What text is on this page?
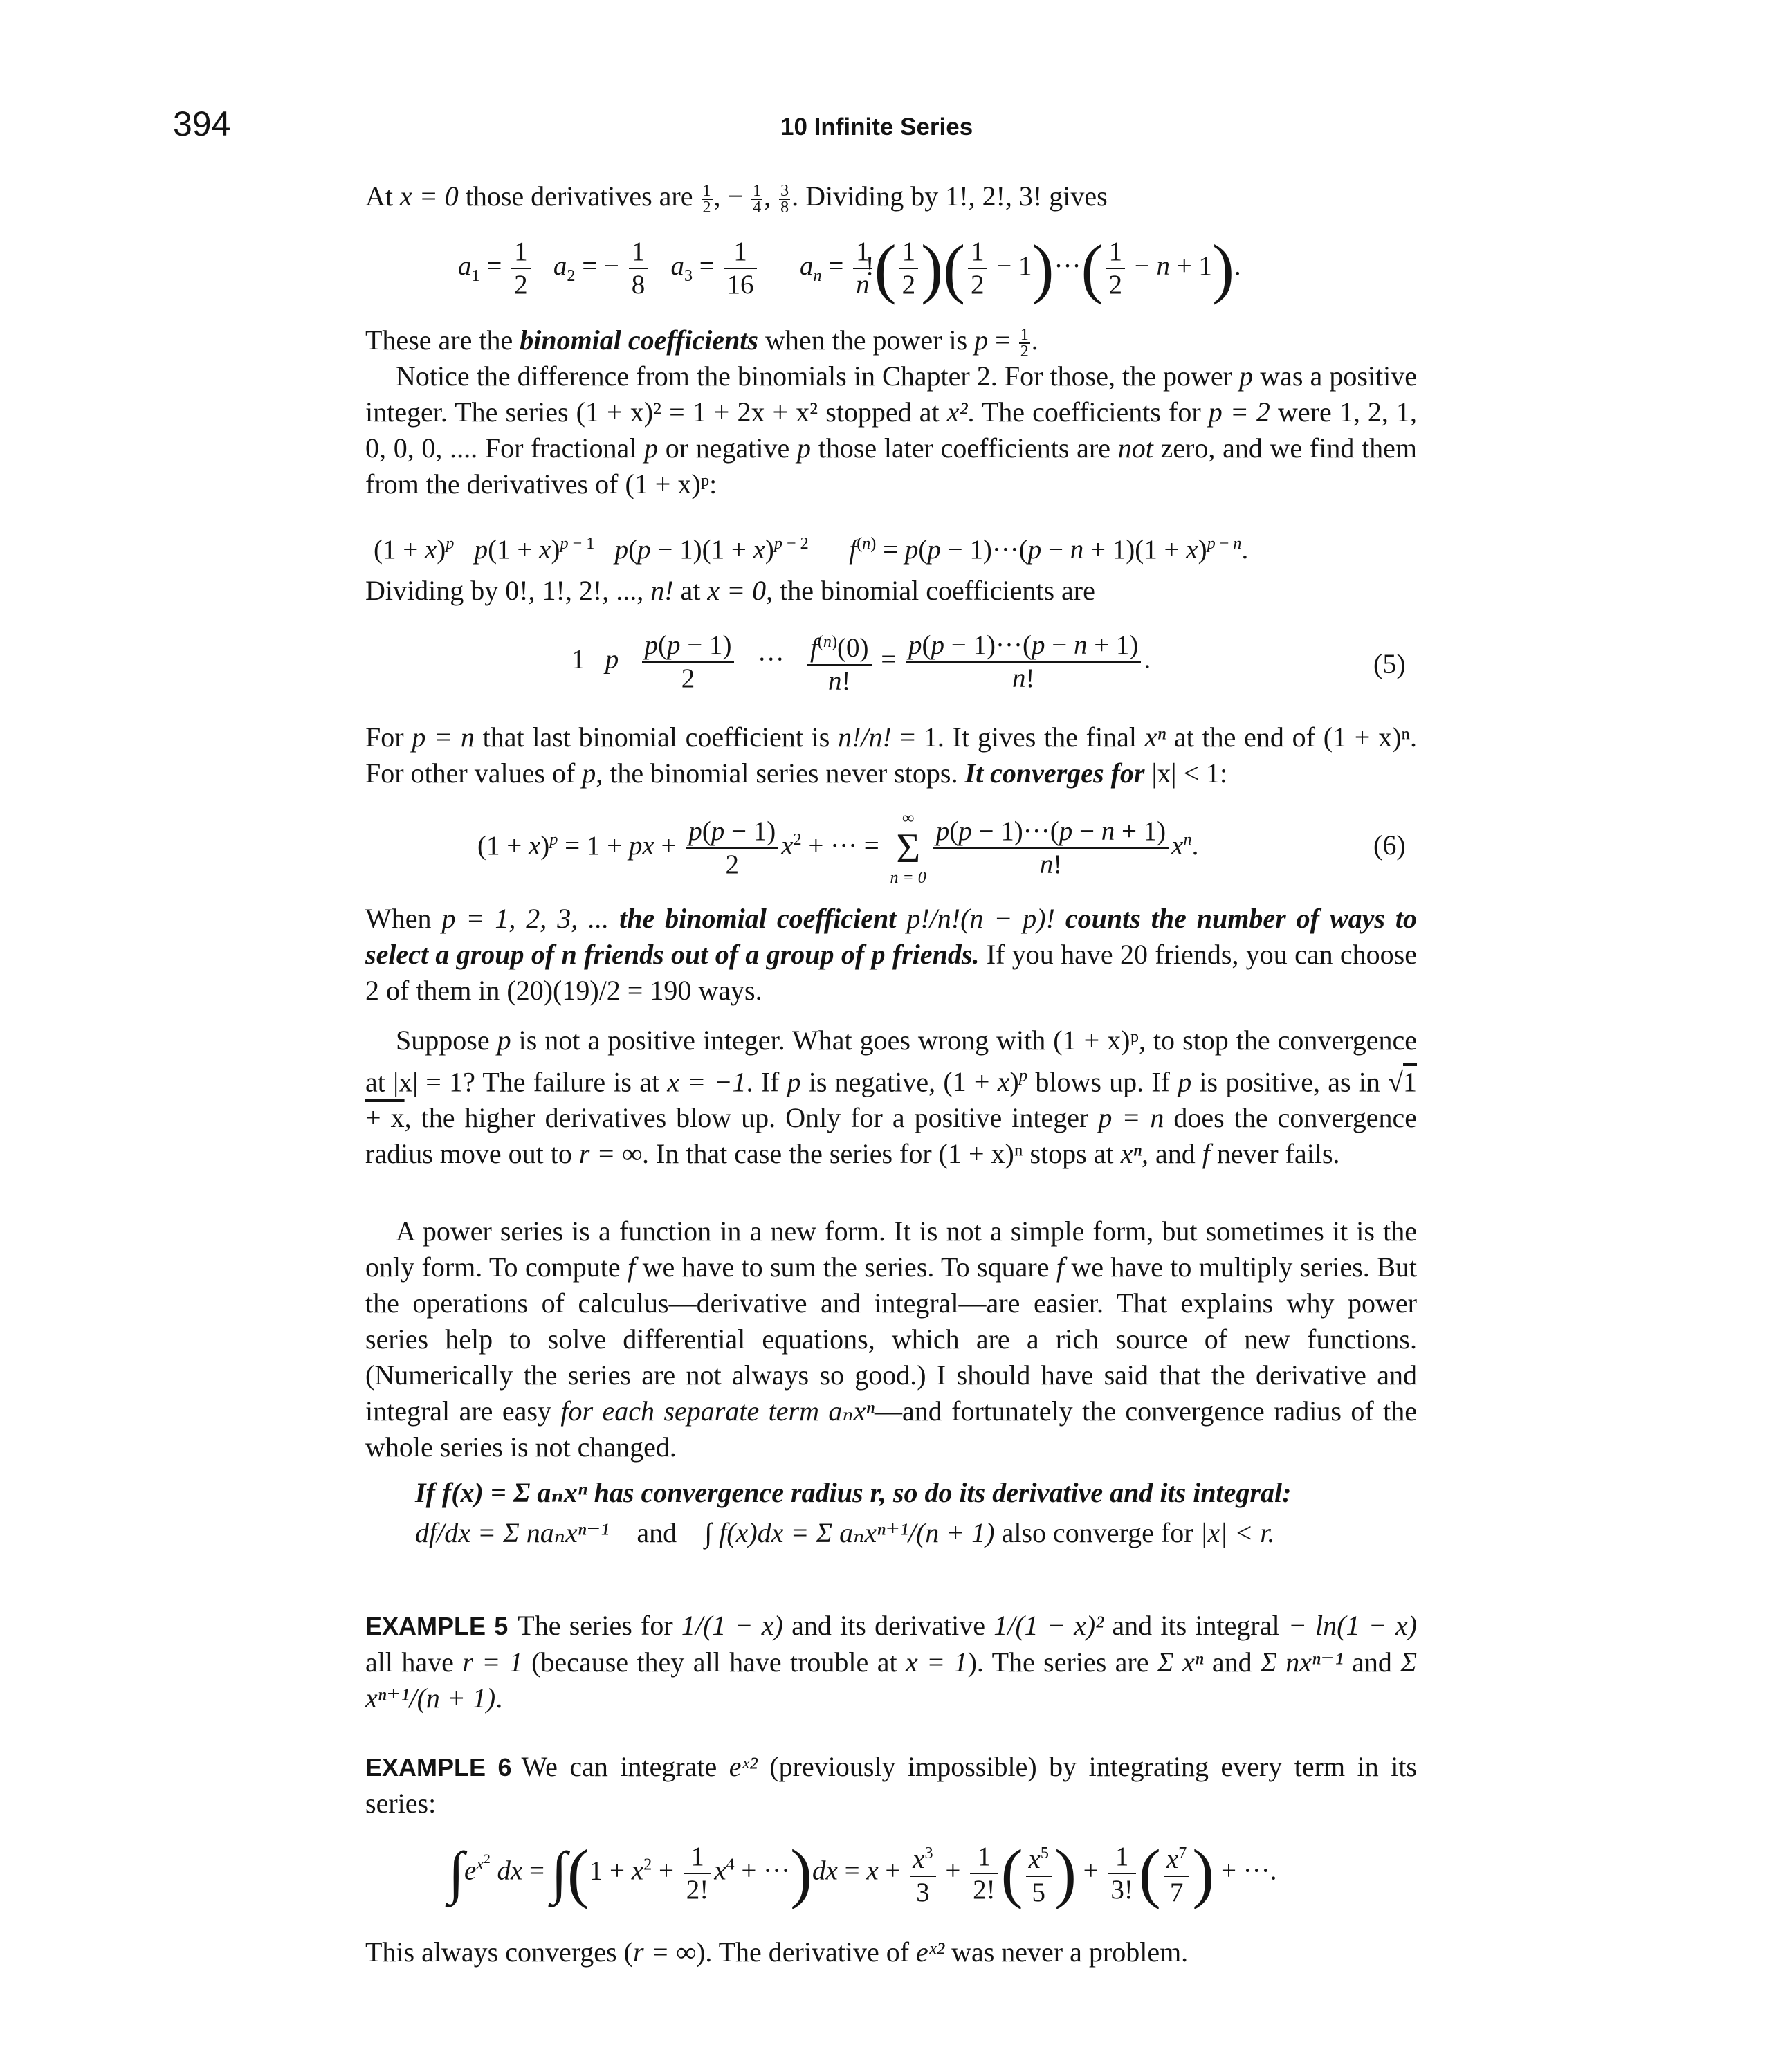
394	10 Infinite Series

At x = 0 those derivatives are $\frac{1}{2}$ , − $\frac{1}{4}$ , $\frac{3}{8}$ . Dividing by 1!, 2!, 3! gives

$a_1 = \frac{1}{2} a_2$ = − $\frac{1}{8} a_3 = \frac{1}{16} a_n = \frac{1}{n}$
!( $\frac{1}{2}$ )( $\frac{1}{2} - 1)\cdot\cdot\cdot( \frac{1}{2} - n + 1)$.

These are the binomial coefficients when the power is $p = \frac{1}{2}$ .

Notice the difference from the binomials in Chapter 2. For those, the power p was a positive integer. The series (1 + x)² = 1 + 2x + x² stopped at x². The coefficients for p = 2 were 1, 2, 1, 0, 0, 0, .... For fractional p or negative p those later coefficients are not zero, and we find them from the derivatives of (1 + x)ᵖ:

$(1 + x)^p$ $p(1 + x)^{p - 1}$ $p(p - 1)(1 + x)^{p - 2}$ $f^{(n)} = p(p - 1)\cdot\cdot\cdot(p - n + 1)(1 + x)^{p - n}$.

Dividing by 0!, 1!, 2!, ..., n! at x = 0, the binomial coefficients are

1   p $\frac{p(p - 1)}{2}$ ··· $\frac{f^{(n)}(0)}{n!} = \frac{p(p - 1)\cdot\cdot\cdot(p - n + 1)}{n!}$ .	(5)

For p = n that last binomial coefficient is n!/n! = 1. It gives the final xⁿ at the end of (1 + x)ⁿ. For other values of p, the binomial series never stops. It converges for |x| < 1:

$(1 + x)^p = 1$ + px + $\frac{p(p - 1)}{2} x^2$ + ··· =
∞
Σ
$n = 0 \frac{p(p - 1)\cdot\cdot\cdot(p - n + 1)}{n!} x^n$.	(6)

When p = 1, 2, 3, ... the binomial coefficient p!/n!(n − p)! counts the number of ways to select a group of n friends out of a group of p friends. If you have 20 friends, you can choose 2 of them in (20)(19)/2 = 190 ways.

Suppose p is not a positive integer. What goes wrong with (1 + x)ᵖ, to stop the convergence at |x| = 1? The failure is at x = −1. If p is negative, $(1 + x)^p$ blows up. If p is positive, as in √1 + x, the higher derivatives blow up. Only for a positive integer p = n does the convergence radius move out to r = ∞. In that case the series for (1 + x)ⁿ stops at xⁿ, and f never fails.

A power series is a function in a new form. It is not a simple form, but sometimes it is the only form. To compute f we have to sum the series. To square f we have to multiply series. But the operations of calculus—derivative and integral—are easier. That explains why power series help to solve differential equations, which are a rich source of new functions. (Numerically the series are not always so good.) I should have said that the derivative and integral are easy for each separate term aₙxⁿ—and fortunately the convergence radius of the whole series is not changed.

If f(x) = Σ aₙxⁿ has convergence radius r, so do its derivative and its integral:
df/dx = Σ naₙxⁿ⁻¹ and ∫ f(x)dx = Σ aₙxⁿ⁺¹/(n + 1) also converge for |x| < r.

EXAMPLE 5 The series for 1/(1 − x) and its derivative 1/(1 − x)² and its integral − ln(1 − x) all have r = 1 (because they all have trouble at x = 1). The series are Σ xⁿ and Σ nxⁿ⁻¹ and Σ xⁿ⁺¹/(n + 1).

EXAMPLE 6 We can integrate eˣ² (previously impossible) by integrating every term in its series:

$\int e^{x^2}$ dx = $\int(1 + x^2 + \frac{1}{2!} x^4 + \cdot\cdot\cdot)dx = x + \frac{x^3}{3} + \frac{1}{2!}$ ( $\frac{x^5}{5}$ ) + $\frac{1}{3!}$ ( $\frac{x^7}{7}$ ) + ···.

This always converges (r = ∞). The derivative of eˣ² was never a problem.
